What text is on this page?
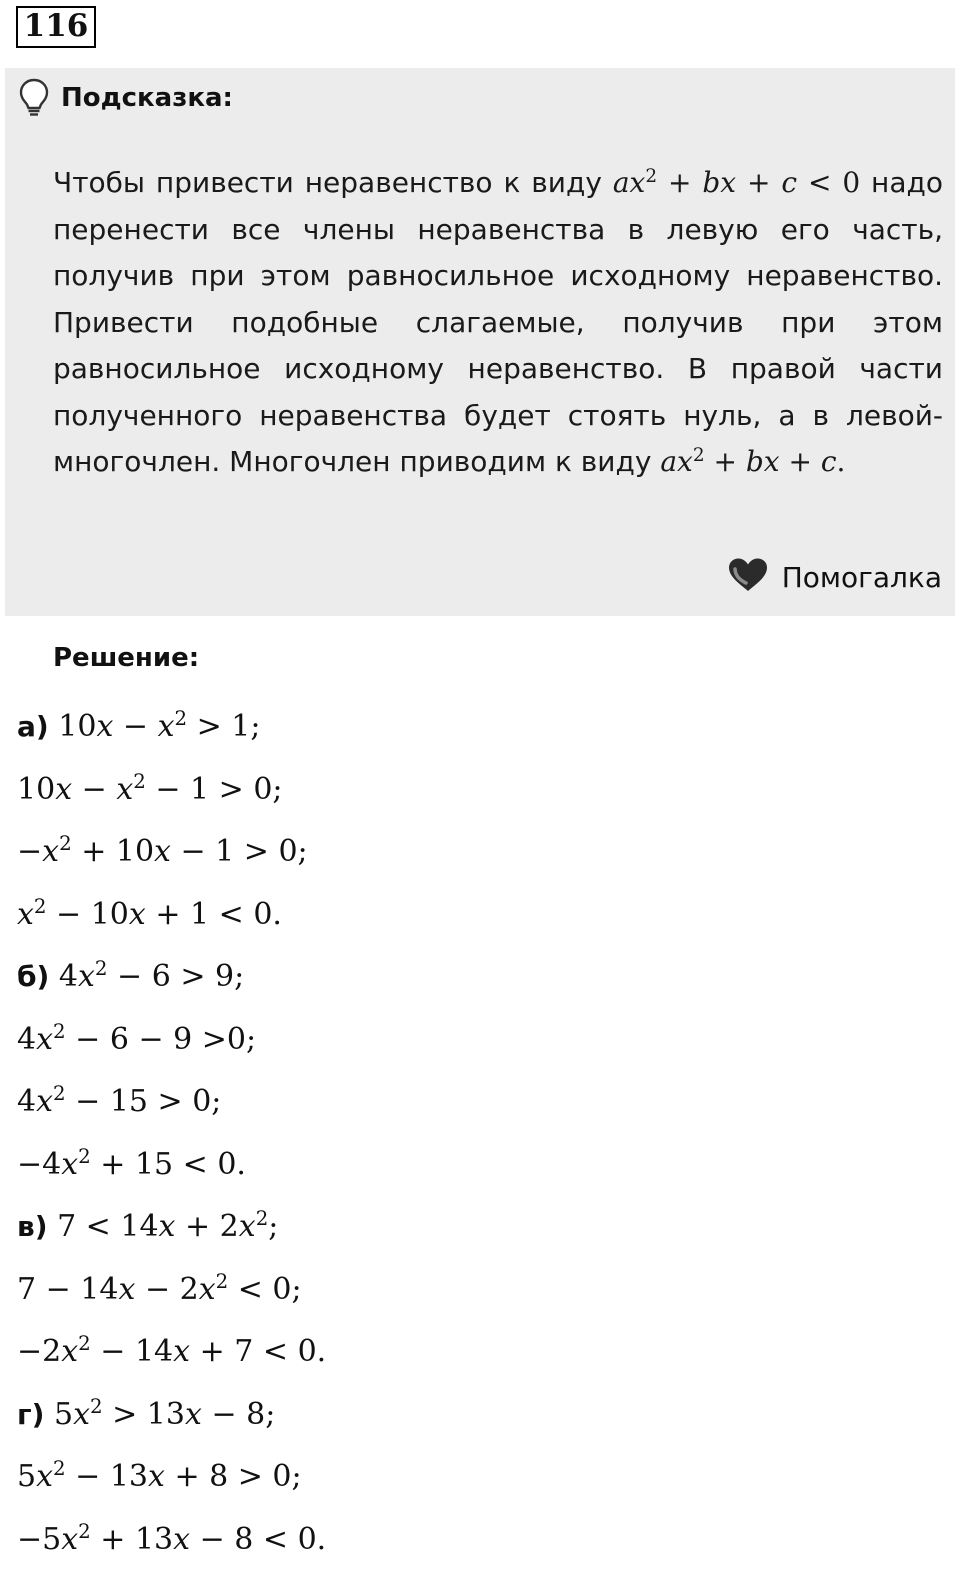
116
Подсказка:

Чтобы привести неравенство к виду $ax^2$ + bx + c < 0 надо перенести все члены неравенства в левую его часть, получив при этом равносильное исходному неравенство. Привести подобные слагаемые, получив при этом равносильное исходному неравенство. В правой части полученного неравенства будет стоять нуль, а в левой- многочлен. Многочлен приводим к виду $ax^2$ + bx + c.

Помогалка
Решение:
а) $10x - x^2 > 1$;
$10x - x^2 - 1 > 0$;
$-x^2 + 10x - 1 > 0$;
$x^2 - 10x + 1 < 0$.
б) $4x^2 - 6 > 9$;
$4x^2 - 6 - 9 >0$;
$4x^2 - 15 > 0$;
$-4x^2 + 15 < 0$.
в) $7 < 14x + 2x^2$;
$7 - 14x - 2x^2 < 0$;
$-2x^2 - 14x + 7 < 0$.
г) $5x^2 > 13x - 8$;
$5x^2 - 13x + 8 > 0$;
$-5x^2 + 13x - 8 < 0$.
